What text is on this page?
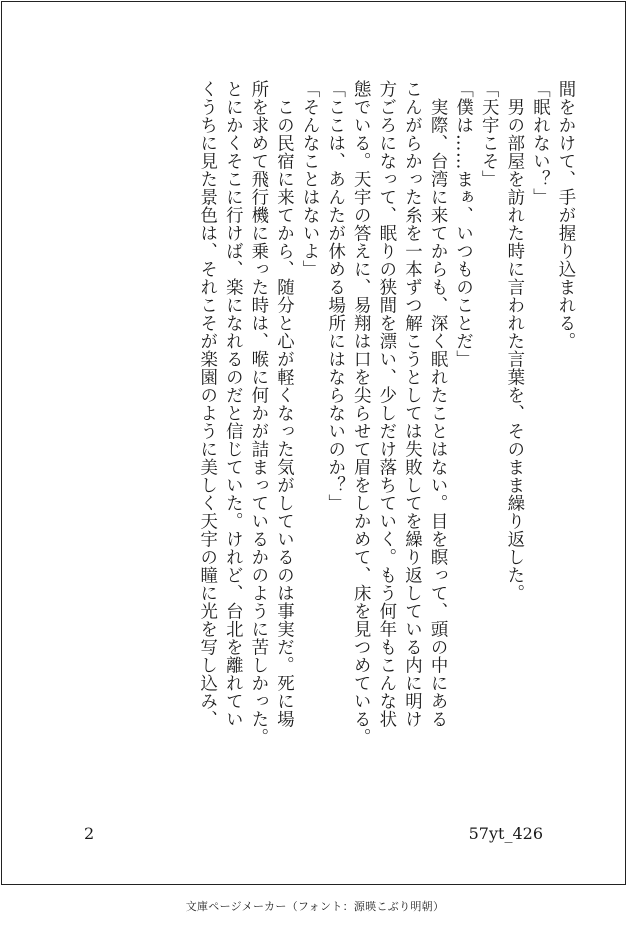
間をかけて、手が握り込まれる。
「眠れない？」
　男の部屋を訪れた時に言われた言葉を、そのまま繰り返した。
「天宇こそ」
「僕は……まぁ、いつものことだ」
　実際、台湾に来てからも、深く眠れたことはない。目を瞑って、頭の中にある
こんがらかった糸を一本ずつ解こうとしては失敗してを繰り返している内に明け
方ごろになって、眠りの狭間を漂い、少しだけ落ちていく。もう何年もこんな状
態でいる。天宇の答えに、易翔は口を尖らせて眉をしかめて、床を見つめている。
「ここは、あんたが休める場所にはならないのか？」
「そんなことはないよ」
　この民宿に来てから、随分と心が軽くなった気がしているのは事実だ。死に場
所を求めて飛行機に乗った時は、喉に何かが詰まっているかのように苦しかった。
とにかくそこに行けば、楽になれるのだと信じていた。けれど、台北を離れてい
くうちに見た景色は、それこそが楽園のように美しく天宇の瞳に光を写し込み、
2	57yt_426
文庫ページメーカー（フォント：源暎こぶり明朝）
